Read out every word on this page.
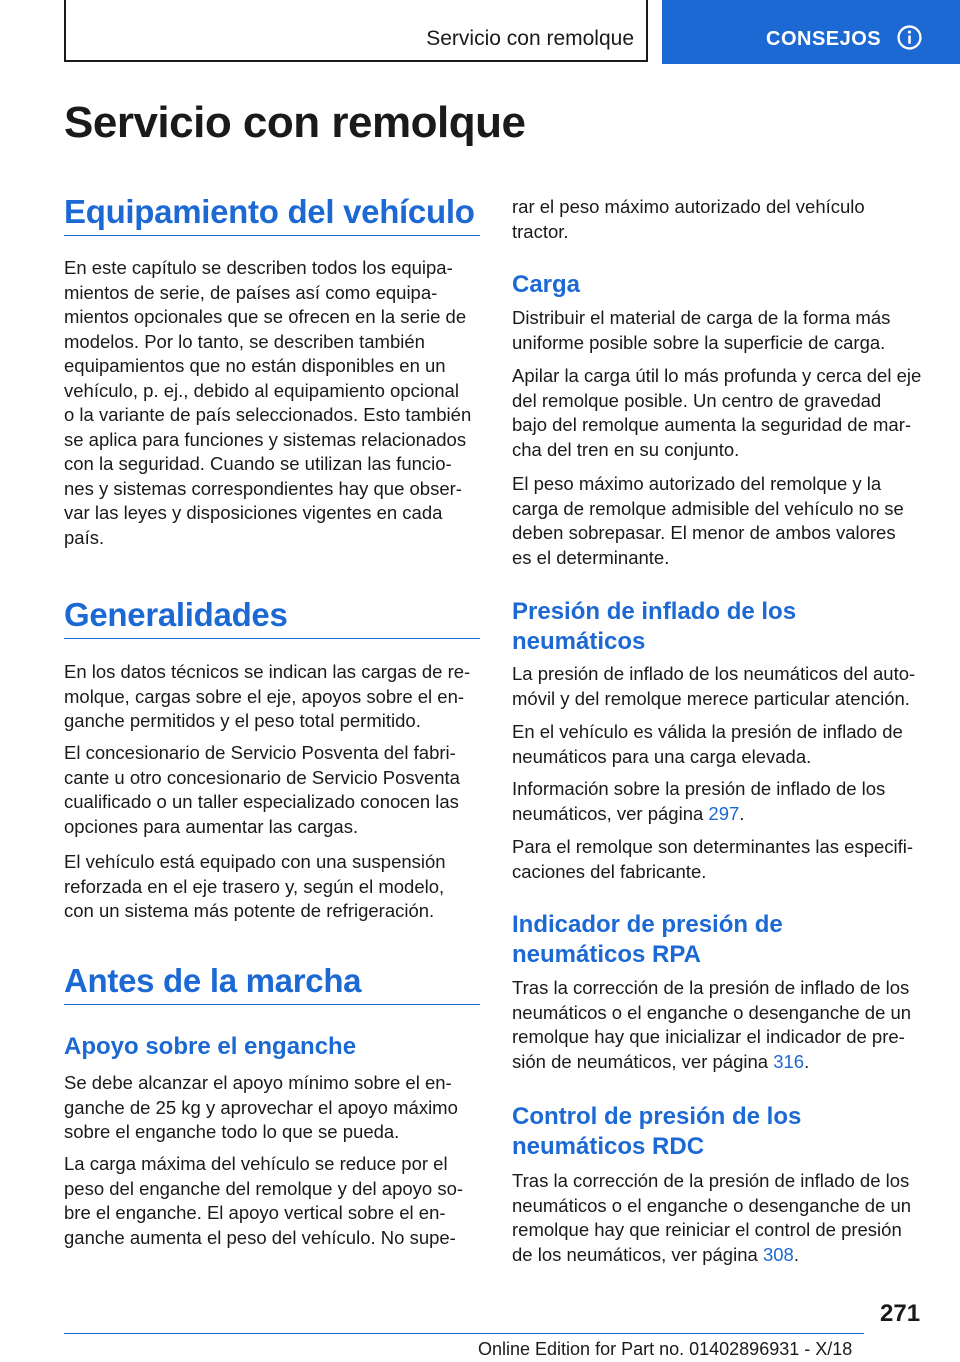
Servicio con remolque	CONSEJOS
Servicio con remolque
Equipamiento del vehículo
En este capítulo se describen todos los equipa-
mientos de serie, de países así como equipa-
mientos opcionales que se ofrecen en la serie de
modelos. Por lo tanto, se describen también
equipamientos que no están disponibles en un
vehículo, p. ej., debido al equipamiento opcional
o la variante de país seleccionados. Esto también
se aplica para funciones y sistemas relacionados
con la seguridad. Cuando se utilizan las funcio-
nes y sistemas correspondientes hay que obser-
var las leyes y disposiciones vigentes en cada
país.
Generalidades
En los datos técnicos se indican las cargas de re-
molque, cargas sobre el eje, apoyos sobre el en-
ganche permitidos y el peso total permitido.
El concesionario de Servicio Posventa del fabri-
cante u otro concesionario de Servicio Posventa
cualificado o un taller especializado conocen las
opciones para aumentar las cargas.
El vehículo está equipado con una suspensión
reforzada en el eje trasero y, según el modelo,
con un sistema más potente de refrigeración.
Antes de la marcha
Apoyo sobre el enganche
Se debe alcanzar el apoyo mínimo sobre el en-
ganche de 25 kg y aprovechar el apoyo máximo
sobre el enganche todo lo que se pueda.
La carga máxima del vehículo se reduce por el
peso del enganche del remolque y del apoyo so-
bre el enganche. El apoyo vertical sobre el en-
ganche aumenta el peso del vehículo. No supe-
rar el peso máximo autorizado del vehículo
tractor.
Carga
Distribuir el material de carga de la forma más
uniforme posible sobre la superficie de carga.
Apilar la carga útil lo más profunda y cerca del eje
del remolque posible. Un centro de gravedad
bajo del remolque aumenta la seguridad de mar-
cha del tren en su conjunto.
El peso máximo autorizado del remolque y la
carga de remolque admisible del vehículo no se
deben sobrepasar. El menor de ambos valores
es el determinante.
Presión de inflado de los
neumáticos
La presión de inflado de los neumáticos del auto-
móvil y del remolque merece particular atención.
En el vehículo es válida la presión de inflado de
neumáticos para una carga elevada.
Información sobre la presión de inflado de los
neumáticos, ver página 297.
Para el remolque son determinantes las especifi-
caciones del fabricante.
Indicador de presión de
neumáticos RPA
Tras la corrección de la presión de inflado de los
neumáticos o el enganche o desenganche de un
remolque hay que inicializar el indicador de pre-
sión de neumáticos, ver página 316.
Control de presión de los
neumáticos RDC
Tras la corrección de la presión de inflado de los
neumáticos o el enganche o desenganche de un
remolque hay que reiniciar el control de presión
de los neumáticos, ver página 308.
271
Online Edition for Part no. 01402896931 - X/18
